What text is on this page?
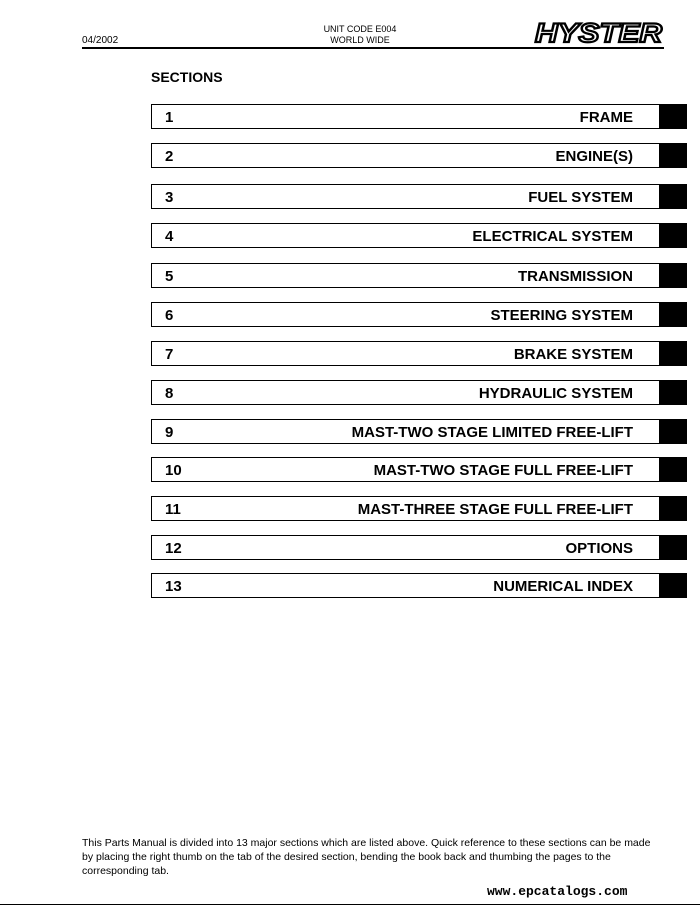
04/2002
UNIT CODE E004
WORLD WIDE	HYSTER
SECTIONS
1	FRAME
2	ENGINE(S)
3	FUEL SYSTEM
4	ELECTRICAL SYSTEM
5	TRANSMISSION
6	STEERING SYSTEM
7	BRAKE SYSTEM
8	HYDRAULIC SYSTEM
9	MAST-TWO STAGE LIMITED FREE-LIFT
10	MAST-TWO STAGE FULL FREE-LIFT
11	MAST-THREE STAGE FULL FREE-LIFT
12	OPTIONS
13	NUMERICAL INDEX
This Parts Manual is divided into 13 major sections which are listed above. Quick reference to these sections can be made by placing the right thumb on the tab of the desired section, bending the book back and thumbing the pages to the corresponding tab.
www.epcatalogs.com
